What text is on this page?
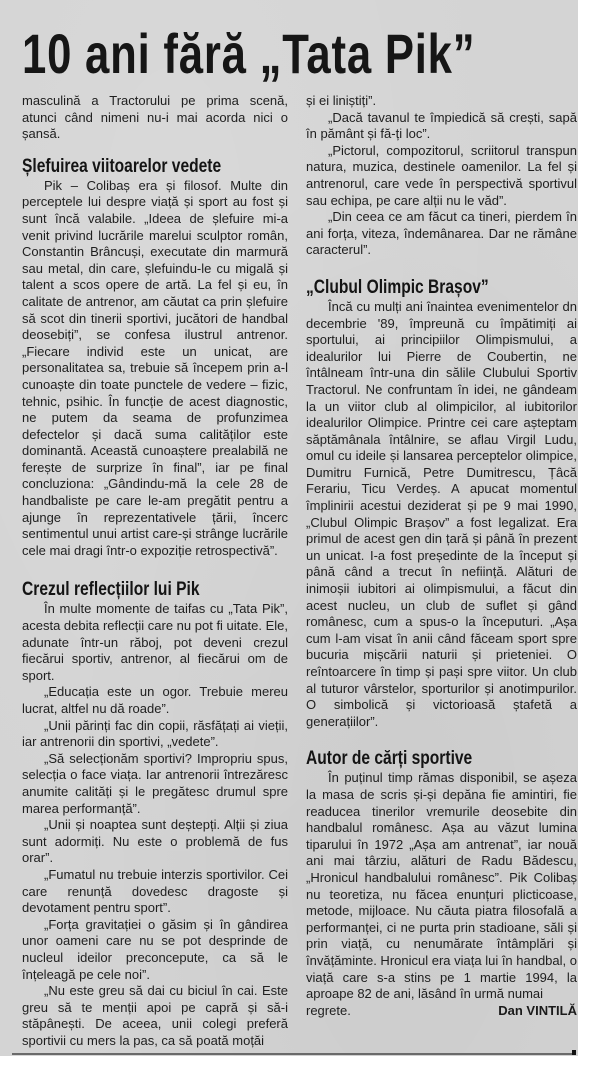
10 ani fără „Tata Pik”

masculină a Tractorului pe prima scenă, atunci când nimeni nu-i mai acorda nici o șansă.

Șlefuirea viitoarelor vedete

Pik – Colibaș era și filosof. Multe din perceptele lui despre viață și sport au fost și sunt încă valabile. „Ideea de șlefuire mi-a venit privind lucrările marelui sculptor român, Constantin Brâncuși, executate din marmură sau metal, din care, șlefuindu-le cu migală și talent a scos opere de artă. La fel și eu, în calitate de antrenor, am căutat ca prin șlefuire să scot din tinerii sportivi, jucători de handbal deosebiți”, se confesa ilustrul antrenor. „Fiecare individ este un unicat, are personalitatea sa, trebuie să începem prin a-l cunoaște din toate punctele de vedere – fizic, tehnic, psihic. În funcție de acest diagnostic, ne putem da seama de profunzimea defectelor și dacă suma calităților este dominantă. Această cunoaștere prealabilă ne ferește de surprize în final”, iar pe final concluziona: „Gândindu-mă la cele 28 de handbaliste pe care le-am pregătit pentru a ajunge în reprezentativele țării, încerc sentimentul unui artist care-și strânge lucrările cele mai dragi într-o expoziție retrospectivă”.

Crezul reflecțiilor lui Pik

În multe momente de taifas cu „Tata Pik”, acesta debita reflecții care nu pot fi uitate. Ele, adunate într-un răboj, pot deveni crezul fiecărui sportiv, antrenor, al fiecărui om de sport.

„Educația este un ogor. Trebuie mereu lucrat, altfel nu dă roade”.

„Unii părinți fac din copii, răsfățați ai vieții, iar antrenorii din sportivi, „vedete”.

„Să selecționăm sportivi? Impropriu spus, selecția o face viața. Iar antrenorii întrezăresc anumite calități și le pregătesc drumul spre marea performanță”.

„Unii și noaptea sunt deștepți. Alții și ziua sunt adormiți. Nu este o problemă de fus orar”.

„Fumatul nu trebuie interzis sportivilor. Cei care renunță dovedesc dragoste și devotament pentru sport”.

„Forța gravitației o găsim și în gândirea unor oameni care nu se pot desprinde de nucleul ideilor preconcepute, ca să le înțeleagă pe cele noi”.

„Nu este greu să dai cu biciul în cai. Este greu să te menții apoi pe capră și să-i stăpânești. De aceea, unii colegi preferă sportivii cu mers la pas, ca să poată moțăi

și ei liniștiți”.

„Dacă tavanul te împiedică să crești, sapă în pământ și fă-ți loc”.

„Pictorul, compozitorul, scriitorul transpun natura, muzica, destinele oamenilor. La fel și antrenorul, care vede în perspectivă sportivul sau echipa, pe care alții nu le văd”.

„Din ceea ce am făcut ca tineri, pierdem în ani forța, viteza, îndemânarea. Dar ne rămâne caracterul”.

„Clubul Olimpic Brașov”

Încă cu mulți ani înaintea evenimentelor dn decembrie '89, împreună cu împătimiți ai sportului, ai principiilor Olimpismului, a idealurilor lui Pierre de Coubertin, ne întâlneam într-una din sălile Clubului Sportiv Tractorul. Ne confruntam în idei, ne gândeam la un viitor club al olimpicilor, al iubitorilor idealurilor Olimpice. Printre cei care așteptam săptămânala întâlnire, se aflau Virgil Ludu, omul cu ideile și lansarea perceptelor olimpice, Dumitru Furnică, Petre Dumitrescu, Țâcă Ferariu, Ticu Verdeș. A apucat momentul împlinirii acestui deziderat și pe 9 mai 1990, „Clubul Olimpic Brașov” a fost legalizat. Era primul de acest gen din țară și până în prezent un unicat. I-a fost președinte de la început și până când a trecut în neființă. Alături de inimoșii iubitori ai olimpismului, a făcut din acest nucleu, un club de suflet și gând românesc, cum a spus-o la începuturi. „Așa cum l-am visat în anii când făceam sport spre bucuria mișcării naturii și prieteniei. O reîntoarcere în timp și pași spre viitor. Un club al tuturor vârstelor, sporturilor și anotimpurilor. O simbolică și victorioasă ștafetă a generațiilor”.

Autor de cărți sportive

În puținul timp rămas disponibil, se așeza la masa de scris și-și depăna fie amintiri, fie readucea tinerilor vremurile deosebite din handbalul românesc. Așa au văzut lumina tiparului în 1972 „Așa am antrenat”, iar nouă ani mai târziu, alături de Radu Bădescu, „Hronicul handbalului românesc”. Pik Colibaș nu teoretiza, nu făcea enunțuri plicticoase, metode, mijloace. Nu căuta piatra filosofală a performanței, ci ne purta prin stadioane, săli și prin viață, cu nenumărate întâmplări și învățăminte. Hronicul era viața lui în handbal, o viață care s-a stins pe 1 martie 1994, la aproape 82 de ani, lăsând în urmă numai

regrete.	Dan VINTILĂ
